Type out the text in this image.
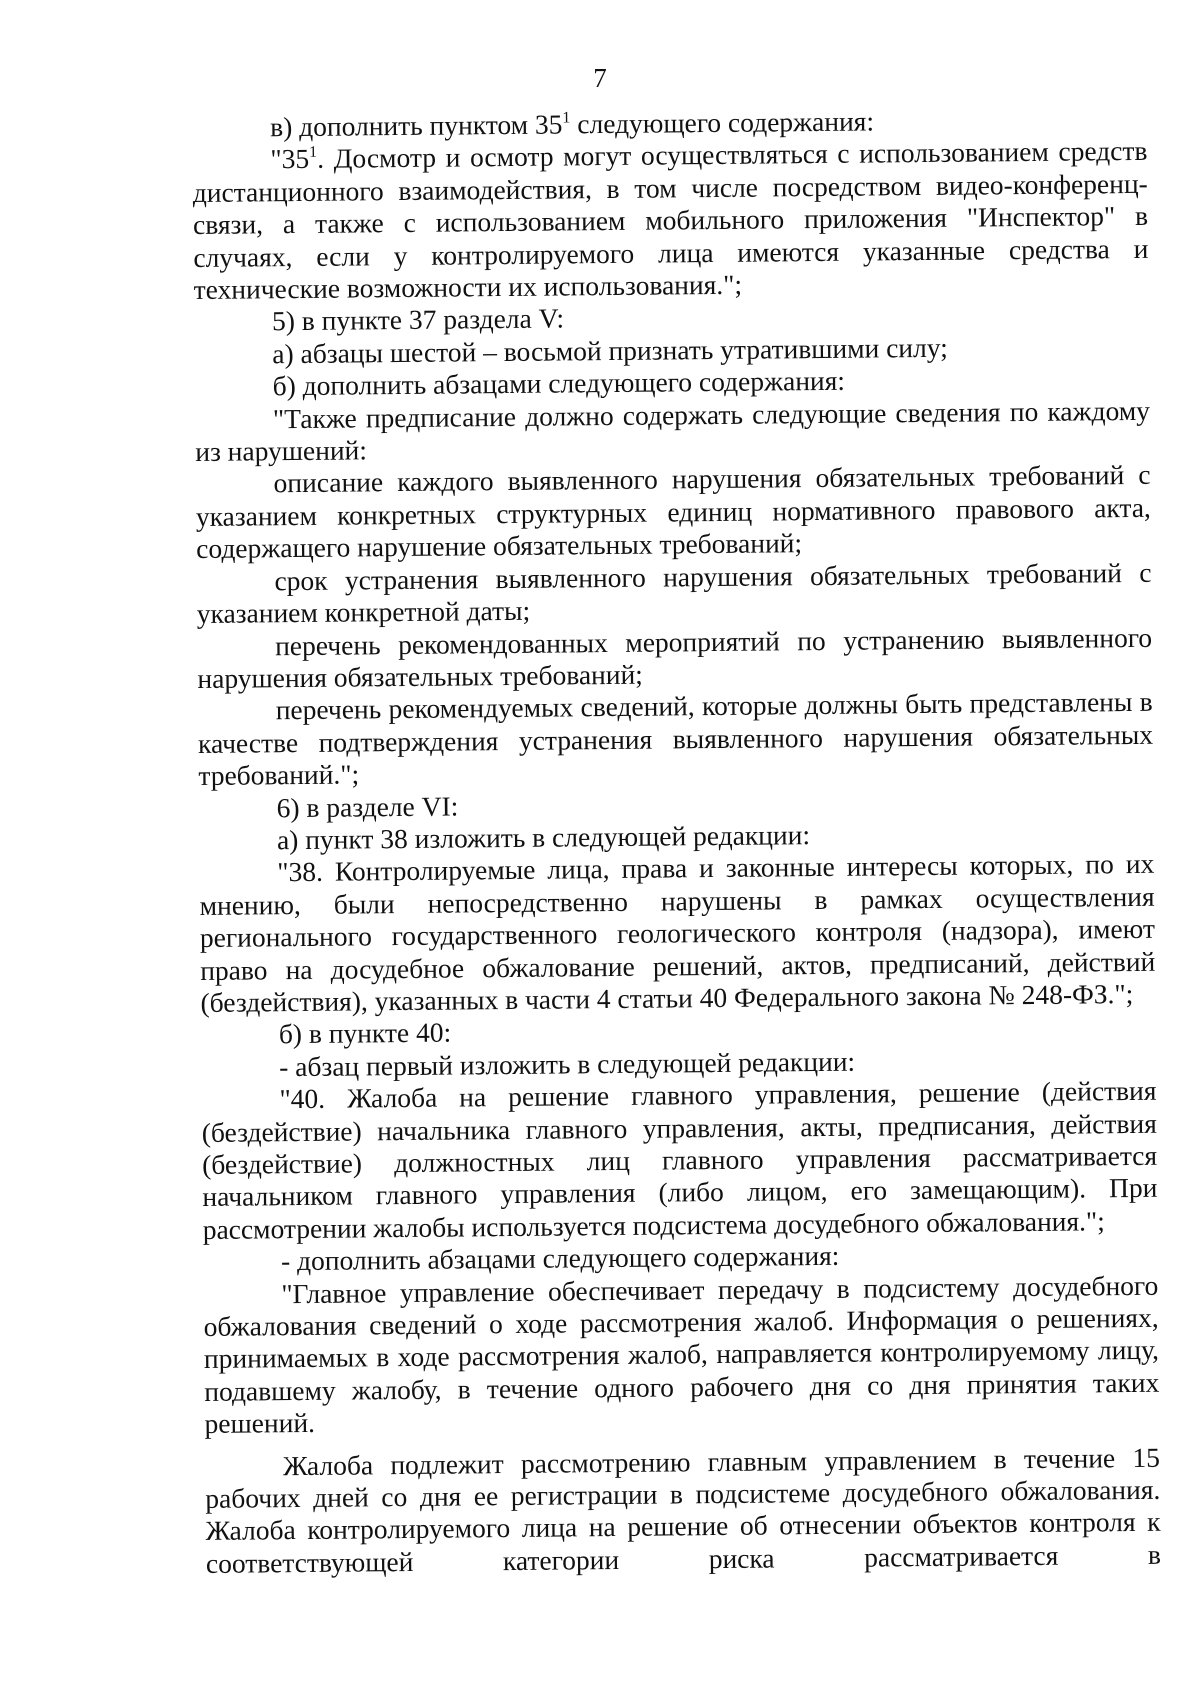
7

в) дополнить пунктом $35^1$ следующего содержания:

"$35^1$. Досмотр и осмотр могут осуществляться с использованием средств дистанционного взаимодействия, в том числе посредством видео-конференц-связи, а также с использованием мобильного приложения "Инспектор" в случаях, если у контролируемого лица имеются указанные средства и технические возможности их использования.";

5) в пункте 37 раздела V:

а) абзацы шестой – восьмой признать утратившими силу;

б) дополнить абзацами следующего содержания:

"Также предписание должно содержать следующие сведения по каждому из нарушений:

описание каждого выявленного нарушения обязательных требований с указанием конкретных структурных единиц нормативного правового акта, содержащего нарушение обязательных требований;

срок устранения выявленного нарушения обязательных требований с указанием конкретной даты;

перечень рекомендованных мероприятий по устранению выявленного нарушения обязательных требований;

перечень рекомендуемых сведений, которые должны быть представлены в качестве подтверждения устранения выявленного нарушения обязательных требований.";

6) в разделе VI:

а) пункт 38 изложить в следующей редакции:

"38. Контролируемые лица, права и законные интересы которых, по их мнению, были непосредственно нарушены в рамках осуществления регионального государственного геологического контроля (надзора), имеют право на досудебное обжалование решений, актов, предписаний, действий (бездействия), указанных в части 4 статьи 40 Федерального закона № 248-ФЗ.";

б) в пункте 40:

- абзац первый изложить в следующей редакции:

"40. Жалоба на решение главного управления, решение (действия (бездействие) начальника главного управления, акты, предписания, действия (бездействие) должностных лиц главного управления рассматривается начальником главного управления (либо лицом, его замещающим). При рассмотрении жалобы используется подсистема досудебного обжалования.";

- дополнить абзацами следующего содержания:

"Главное управление обеспечивает передачу в подсистему досудебного обжалования сведений о ходе рассмотрения жалоб. Информация о решениях, принимаемых в ходе рассмотрения жалоб, направляется контролируемому лицу, подавшему жалобу, в течение одного рабочего дня со дня принятия таких решений.

Жалоба подлежит рассмотрению главным управлением в течение 15 рабочих дней со дня ее регистрации в подсистеме досудебного обжалования. Жалоба контролируемого лица на решение об отнесении объектов контроля к соответствующей категории риска рассматривается в
